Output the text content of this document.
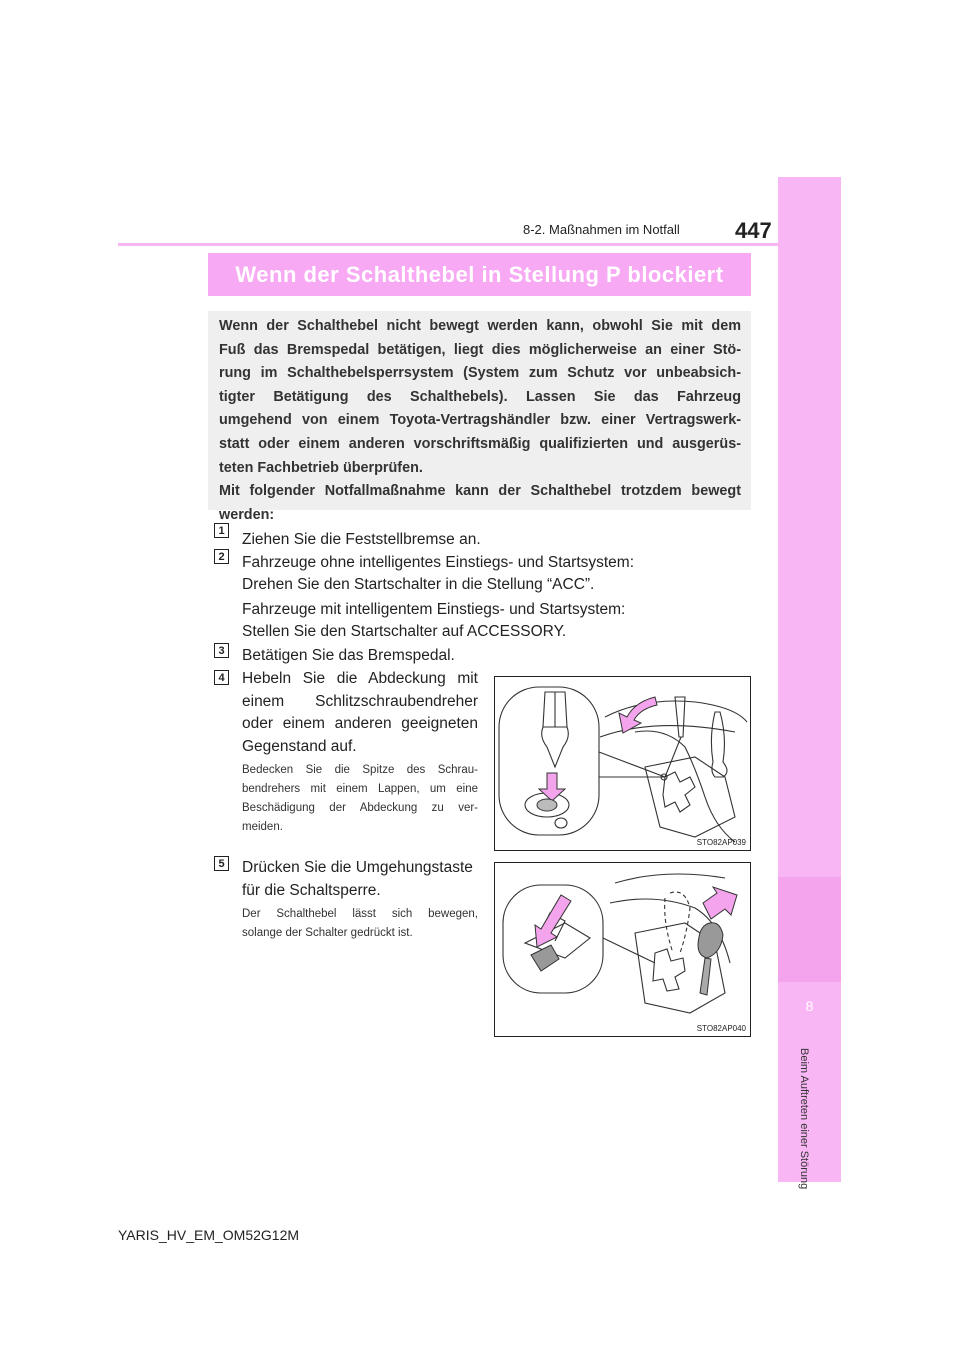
8-2. Maßnahmen im Notfall	447
8
Beim Auftreten einer Störung
Wenn der Schalthebel in Stellung P blockiert
Wenn der Schalthebel nicht bewegt werden kann, obwohl Sie mit dem
Fuß das Bremspedal betätigen, liegt dies möglicherweise an einer Stö-
rung im Schalthebelsperrsystem (System zum Schutz vor unbeabsich-
tigter Betätigung des Schalthebels). Lassen Sie das Fahrzeug
umgehend von einem Toyota-Vertragshändler bzw. einer Vertragswerk-
statt oder einem anderen vorschriftsmäßig qualifizierten und ausgerüs-
teten Fachbetrieb überprüfen.
Mit folgender Notfallmaßnahme kann der Schalthebel trotzdem bewegt
werden:
1
Ziehen Sie die Feststellbremse an.
2 Fahrzeuge ohne intelligentes Einstiegs- und Startsystem:
Drehen Sie den Startschalter in die Stellung “ACC”.
Fahrzeuge mit intelligentem Einstiegs- und Startsystem:
Stellen Sie den Startschalter auf ACCESSORY.
3 Betätigen Sie das Bremspedal.
4 Hebeln Sie die Abdeckung mit
einem Schlitzschraubendreher
oder einem anderen geeigneten
Gegenstand auf.
Bedecken Sie die Spitze des Schrau-
bendrehers mit einem Lappen, um eine
Beschädigung der Abdeckung zu ver-
meiden.
STO82AP039
5 Drücken Sie die Umgehungstaste
für die Schaltsperre.
Der Schalthebel lässt sich bewegen,
solange der Schalter gedrückt ist.
STO82AP040
YARIS_HV_EM_OM52G12M
